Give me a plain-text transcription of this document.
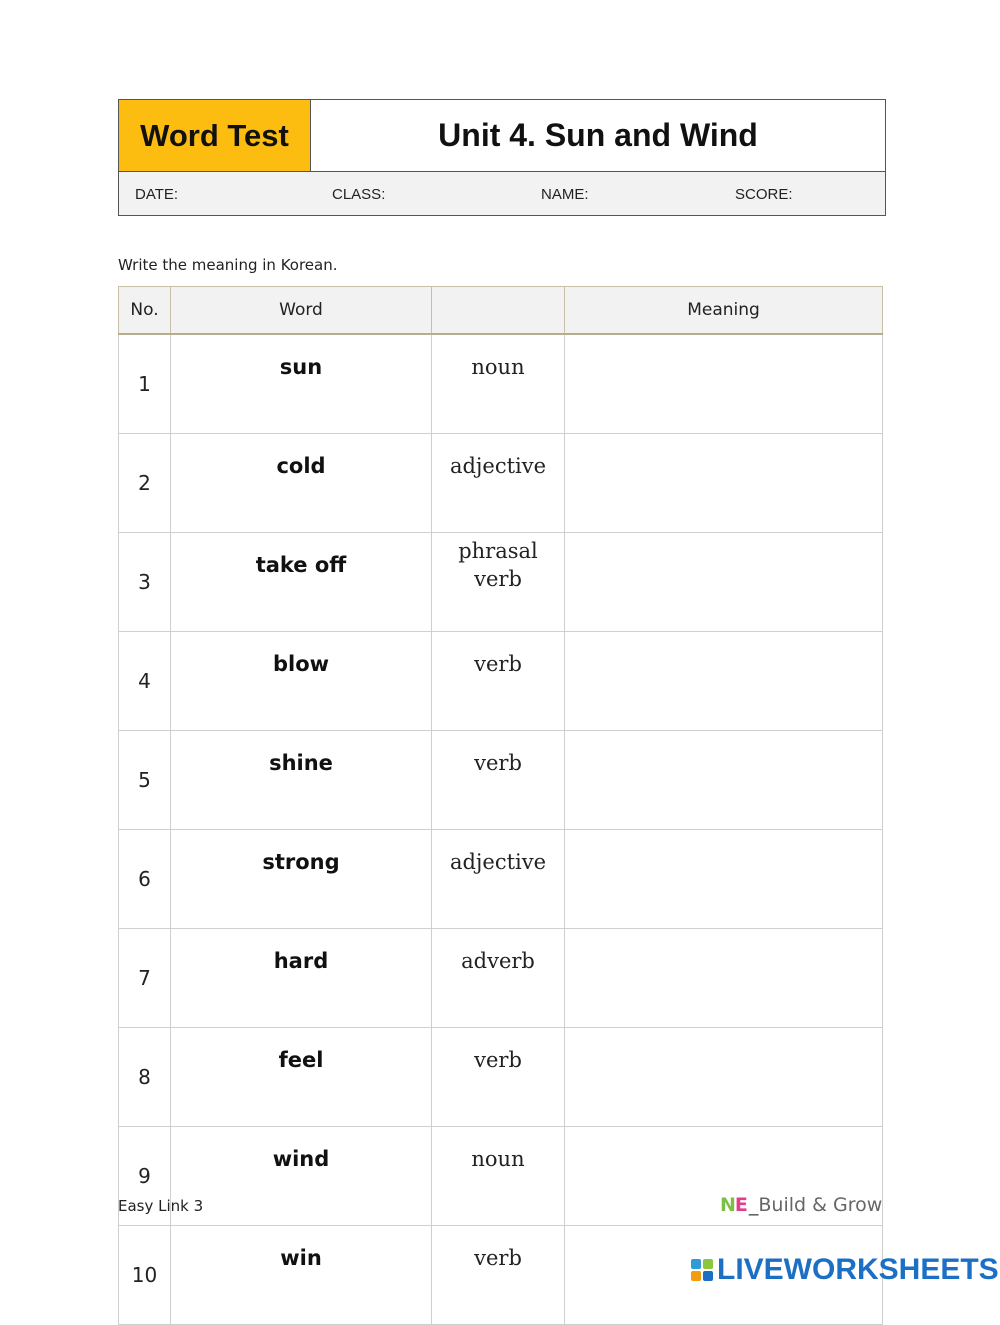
Word Test	Unit 4. Sun and Wind
DATE:	CLASS:	NAME:	SCORE:
Write the meaning in Korean.
No.	Word		Meaning
1	sun	noun	
2	cold	adjective	
3	take off	phrasal
verb	
4	blow	verb	
5	shine	verb	
6	strong	adjective	
7	hard	adverb	
8	feel	verb	
9	wind	noun	
10	win	verb	
Easy Link 3	NE _ Build & Grow
LIVEWORKSHEETS
